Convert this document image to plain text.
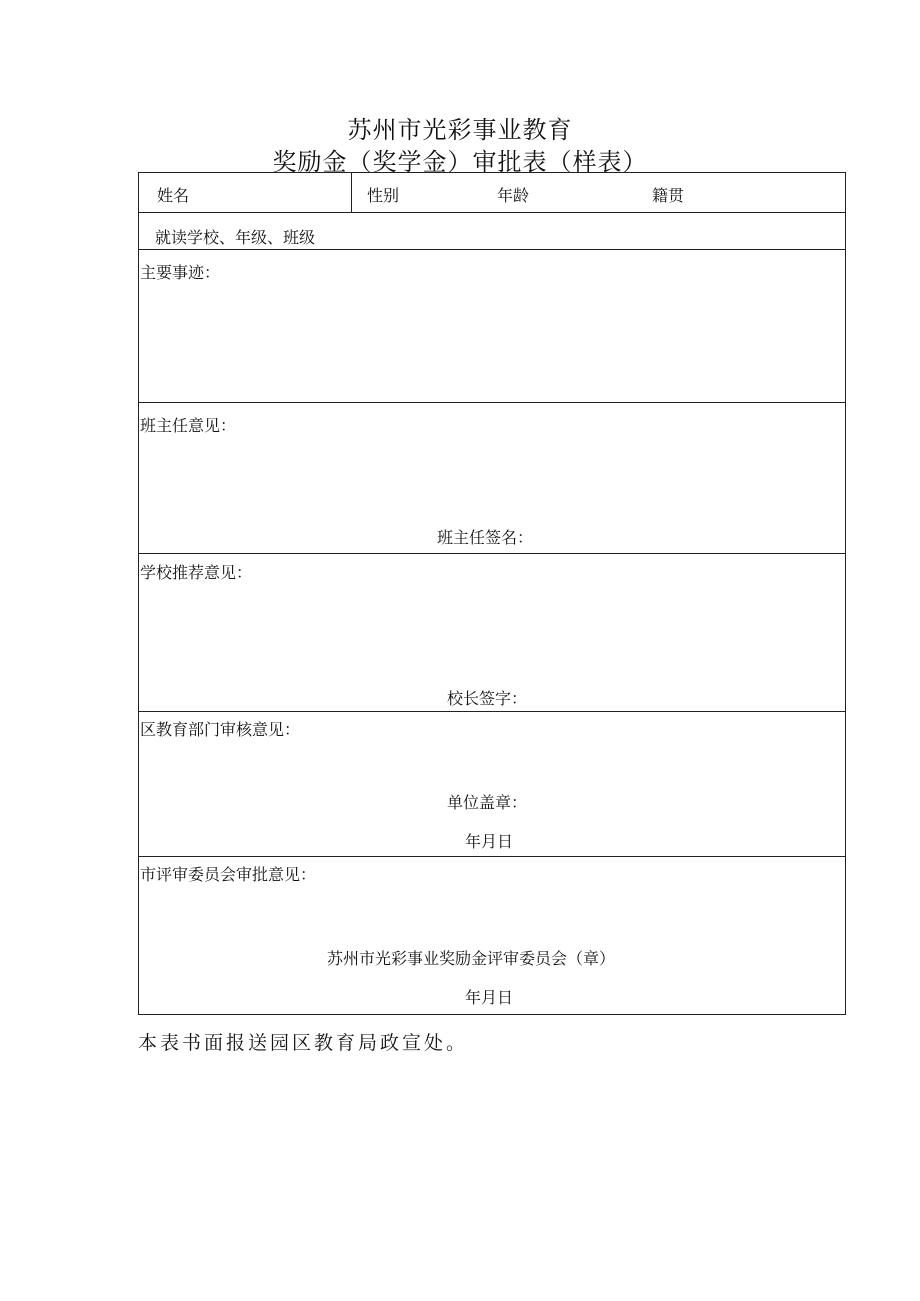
苏州市光彩事业教育
奖励金（奖学金）审批表（样表）
姓名	性别	年龄	籍贯
就读学校、年级、班级
主要事迹：
班主任意见：
班主任签名：
学校推荐意见：
校长签字：
区教育部门审核意见：
单位盖章：
年月日
市评审委员会审批意见：
苏州市光彩事业奖励金评审委员会（章）
年月日
本表书面报送园区教育局政宣处。
